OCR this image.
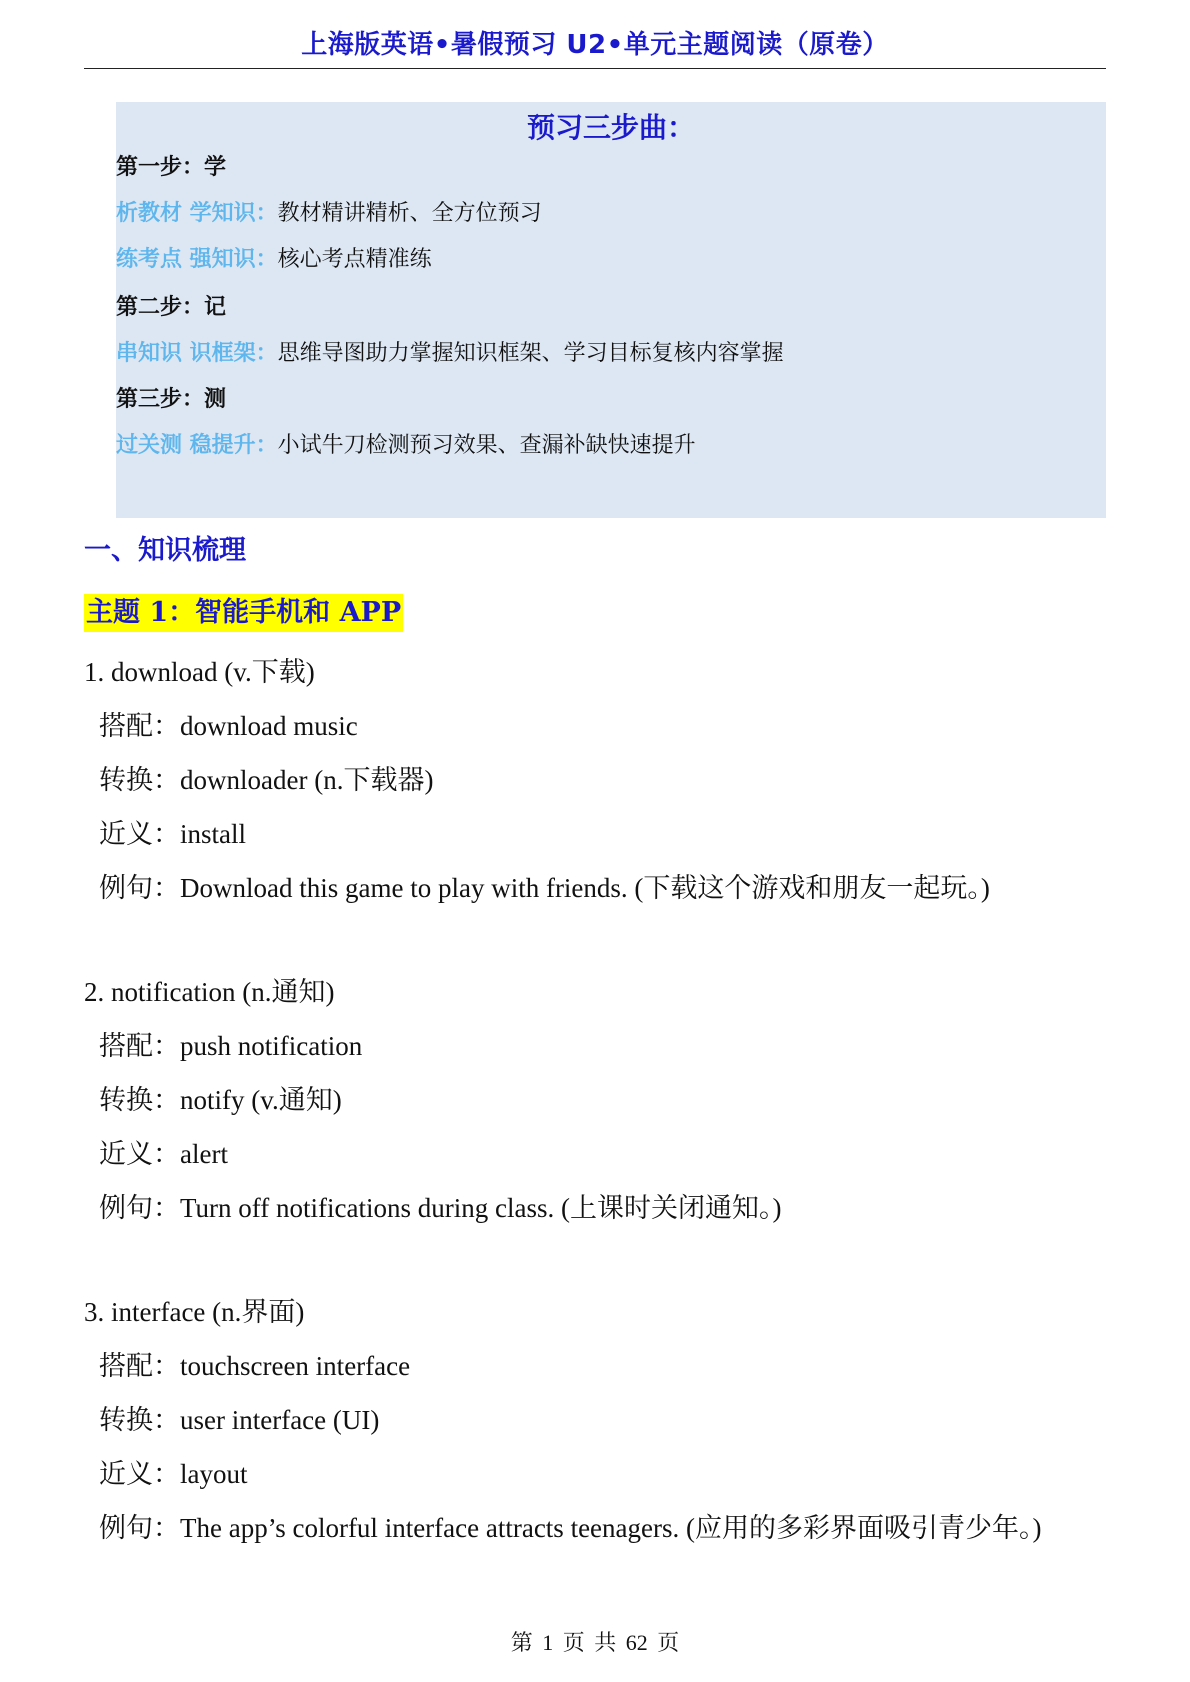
上海版英语•暑假预习 U2•单元主题阅读（原卷）
预习三步曲：
第一步：学
析教材 学知识：教材精讲精析、全方位预习
练考点 强知识：核心考点精准练
第二步：记
串知识 识框架：思维导图助力掌握知识框架、学习目标复核内容掌握
第三步：测
过关测 稳提升：小试牛刀检测预习效果、查漏补缺快速提升
一、知识梳理
主题 1：智能手机和 APP
1. download (v.下载)
搭配：download music
转换：downloader (n.下载器)
近义：install
例句：Download this game to play with friends. (下载这个游戏和朋友一起玩。)
2. notification (n.通知)
搭配：push notification
转换：notify (v.通知)
近义：alert
例句：Turn off notifications during class. (上课时关闭通知。)
3. interface (n.界面)
搭配：touchscreen interface
转换：user interface (UI)
近义：layout
例句：The app’s colorful interface attracts teenagers. (应用的多彩界面吸引青少年。)
第 1 页 共 62 页
